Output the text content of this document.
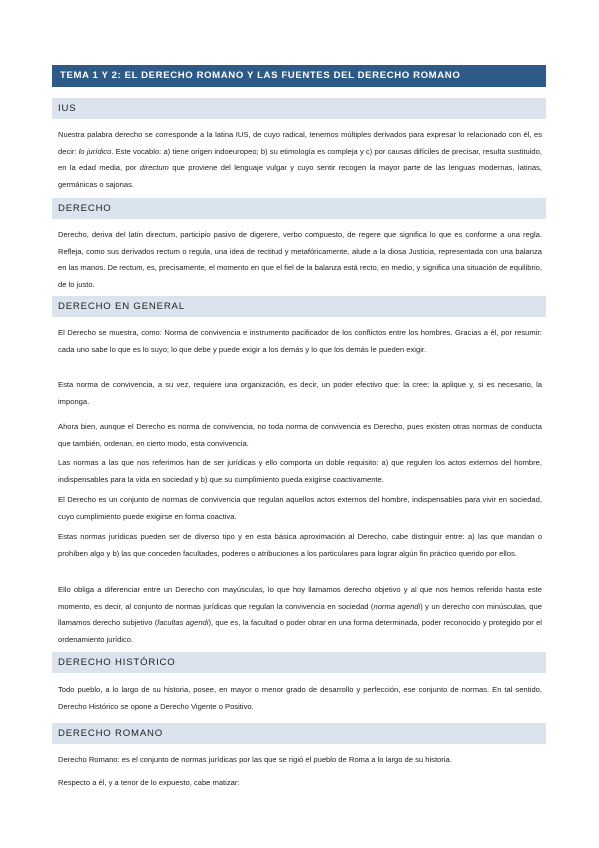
TEMA 1 Y 2: EL DERECHO ROMANO Y LAS FUENTES DEL DERECHO ROMANO
IUS

Nuestra palabra derecho se corresponde a la latina IUS, de cuyo radical, tenemos múltiples derivados para expresar lo relacionado con él, es decir: lo jurídico. Este vocablo: a) tiene origen indoeuropeo; b) su etimología es compleja y c) por causas difíciles de precisar, resulta sustituido, en la edad media, por directum que proviene del lenguaje vulgar y cuyo sentir recogen la mayor parte de las lenguas modernas, latinas, germánicas o sajonas.

DERECHO

Derecho, deriva del latín directum, participio pasivo de digerere, verbo compuesto, de regere que significa lo que es conforme a una regla. Refleja, como sus derivados rectum o regula, una idea de rectitud y metafóricamente, alude a la diosa Justicia, representada con una balanza en las manos. De rectum, es, precisamente, el momento en que el fiel de la balanza está recto, en medio, y significa una situación de equilibrio, de lo justo.

DERECHO EN GENERAL

El Derecho se muestra, como: Norma de convivencia e instrumento pacificador de los conflictos entre los hombres. Gracias a él, por resumir: cada uno sabe lo que es lo suyo; lo que debe y puede exigir a los demás y lo que los demás le pueden exigir.

Esta norma de convivencia, a su vez, requiere una organización, es decir, un poder efectivo que: la cree; la aplique y, si es necesario, la imponga.

Ahora bien, aunque el Derecho es norma de convivencia, no toda norma de convivencia es Derecho, pues existen otras normas de conducta que también, ordenan, en cierto modo, esta convivencia.

Las normas a las que nos referimos han de ser jurídicas y ello comporta un doble requisito: a) que regulen los actos externos del hombre, indispensables para la vida en sociedad y b) que su cumplimiento pueda exigirse coactivamente.

El Derecho es un conjunto de normas de convivencia que regulan aquellos actos externos del hombre, indispensables para vivir en sociedad, cuyo cumplimiento puede exigirse en forma coactiva.

Estas normas jurídicas pueden ser de diverso tipo y en esta básica aproximación al Derecho, cabe distinguir entre: a) las que mandan o prohíben algo y b) las que conceden facultades, poderes o atribuciones a los particulares para lograr algún fin práctico querido por ellos.

Ello obliga a diferenciar entre un Derecho con mayúsculas, lo que hoy llamamos derecho objetivo y al que nos hemos referido hasta este momento, es decir, al conjunto de normas jurídicas que regulan la convivencia en sociedad (norma agendi) y un derecho con minúsculas, que llamamos derecho subjetivo (facultas agendi), que es, la facultad o poder obrar en una forma determinada, poder reconocido y protegido por el ordenamiento jurídico.

DERECHO HISTÓRICO

Todo pueblo, a lo largo de su historia, posee, en mayor o menor grado de desarrollo y perfección, ese conjunto de normas. En tal sentido, Derecho Histórico se opone a Derecho Vigente o Positivo.

DERECHO ROMANO

Derecho Romano: es el conjunto de normas jurídicas por las que se rigió el pueblo de Roma a lo largo de su historia.

Respecto a él, y a tenor de lo expuesto, cabe matizar:
